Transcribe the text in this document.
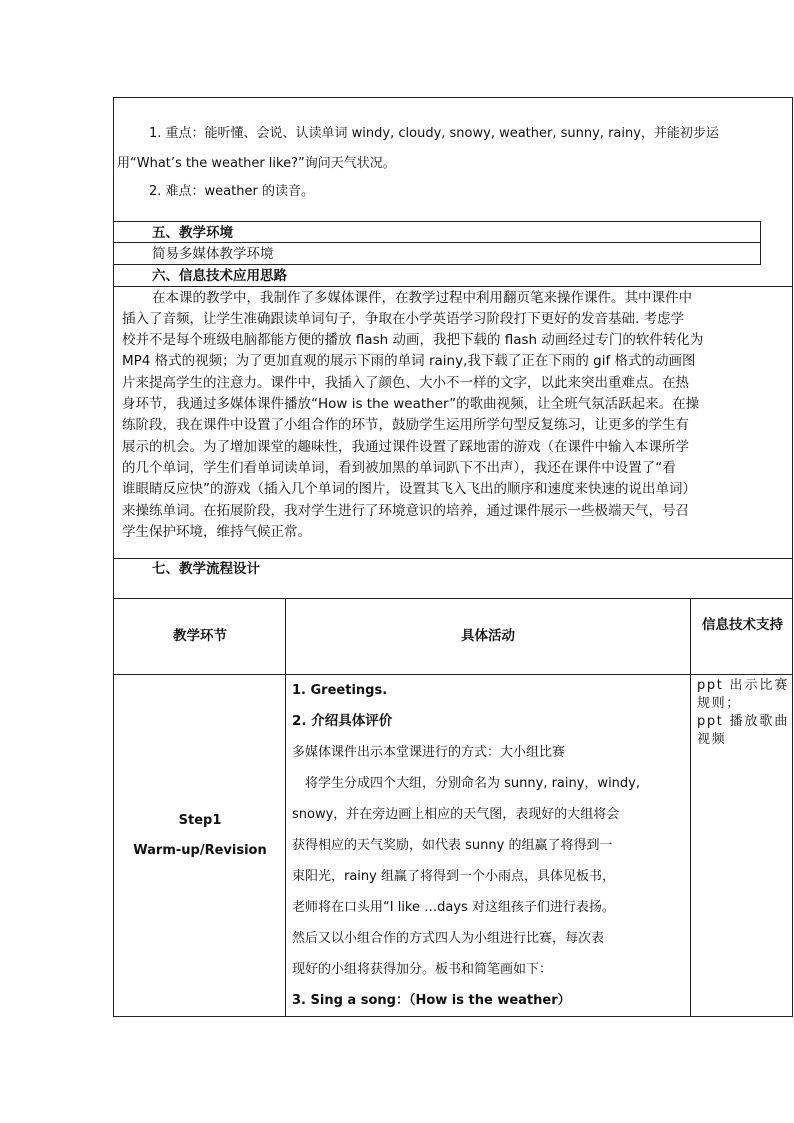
1. 重点：能听懂、会说、认读单词 windy, cloudy, snowy, weather, sunny, rainy，并能初步运
用“What’s the weather like?”询问天气状况。
2. 难点：weather 的读音。
五、教学环境
简易多媒体教学环境
六、信息技术应用思路
在本课的教学中，我制作了多媒体课件，在教学过程中利用翻页笔来操作课件。其中课件中
插入了音频，让学生准确跟读单词句子，争取在小学英语学习阶段打下更好的发音基础. 考虑学
校并不是每个班级电脑都能方便的播放 flash 动画，我把下载的 flash 动画经过专门的软件转化为
MP4 格式的视频；为了更加直观的展示下雨的单词 rainy,我下载了正在下雨的 gif 格式的动画图
片来提高学生的注意力。课件中，我插入了颜色、大小不一样的文字，以此来突出重难点。在热
身环节，我通过多媒体课件播放“How is the weather”的歌曲视频，让全班气氛活跃起来。在操
练阶段，我在课件中设置了小组合作的环节，鼓励学生运用所学句型反复练习，让更多的学生有
展示的机会。为了增加课堂的趣味性，我通过课件设置了踩地雷的游戏（在课件中输入本课所学
的几个单词，学生们看单词读单词，看到被加黑的单词趴下不出声），我还在课件中设置了“看
谁眼睛反应快”的游戏（插入几个单词的图片，设置其飞入飞出的顺序和速度来快速的说出单词）
来操练单词。在拓展阶段，我对学生进行了环境意识的培养，通过课件展示一些极端天气，号召
学生保护环境，维持气候正常。
七、教学流程设计
教学环节	具体活动
信息技术支持
Step1
Warm-up/Revision
1. Greetings.
2. 介绍具体评价
多媒体课件出示本堂课进行的方式：大小组比赛
将学生分成四个大组，分别命名为 sunny, rainy，windy,
snowy，并在旁边画上相应的天气图，表现好的大组将会
获得相应的天气奖励，如代表 sunny 的组赢了将得到一
束阳光，rainy 组赢了将得到一个小雨点，具体见板书，
老师将在口头用“I like …days 对这组孩子们进行表扬。
然后又以小组合作的方式四人为小组进行比赛，每次表
现好的小组将获得加分。板书和简笔画如下：
3. Sing a song：（How is the weather）
ppt 出示比赛规则；
ppt 播放歌曲视频
